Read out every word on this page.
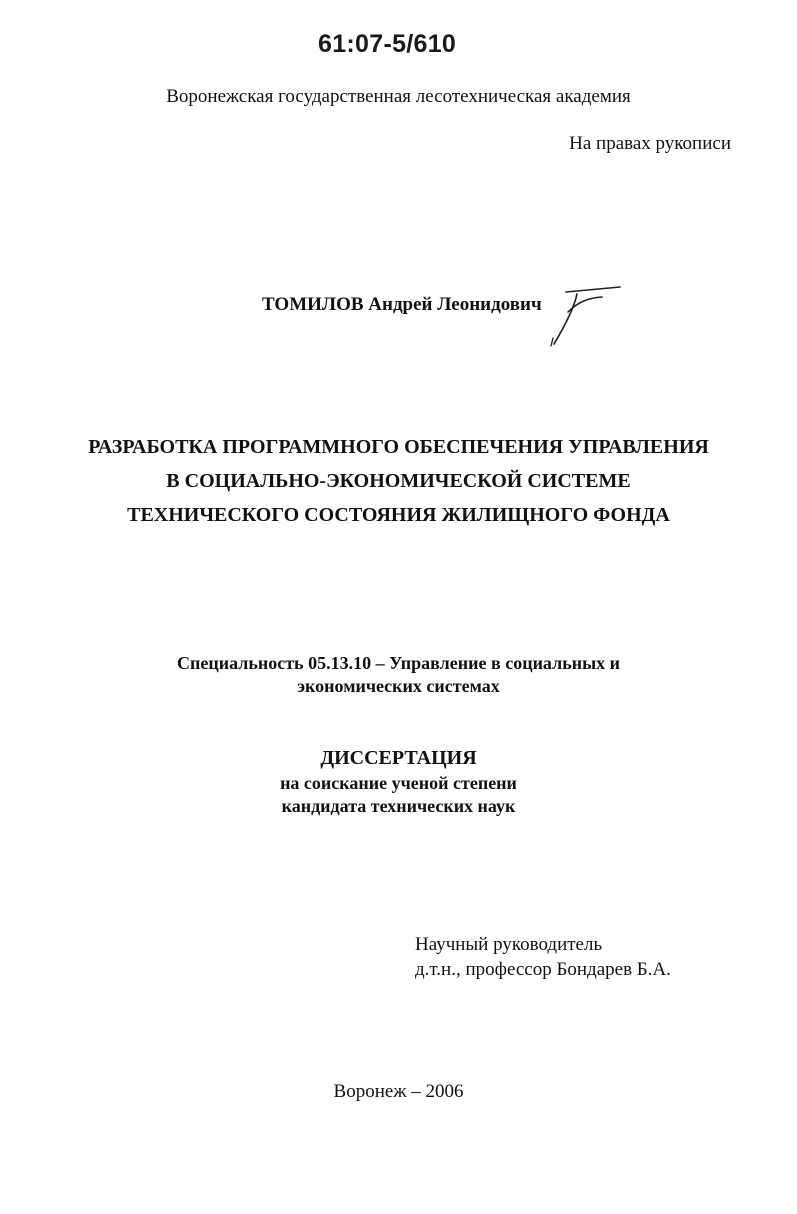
61:07-5/610
Воронежская государственная лесотехническая академия
На правах рукописи
ТОМИЛОВ Андрей Леонидович
РАЗРАБОТКА ПРОГРАММНОГО ОБЕСПЕЧЕНИЯ УПРАВЛЕНИЯ
В СОЦИАЛЬНО-ЭКОНОМИЧЕСКОЙ СИСТЕМЕ
ТЕХНИЧЕСКОГО СОСТОЯНИЯ ЖИЛИЩНОГО ФОНДА
Специальность 05.13.10 – Управление в социальных и
экономических системах
ДИССЕРТАЦИЯ
на соискание ученой степени
кандидата технических наук
Научный руководитель
д.т.н., профессор Бондарев Б.А.
Воронеж – 2006
